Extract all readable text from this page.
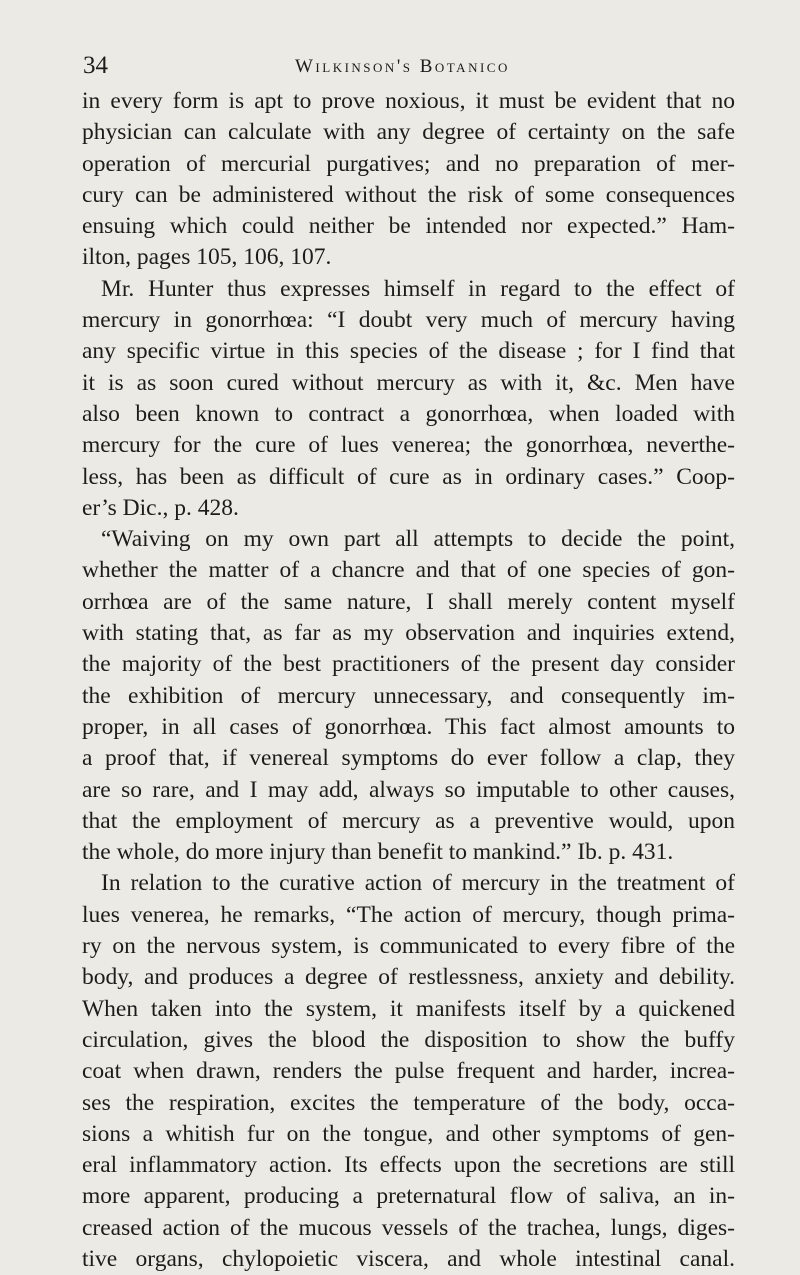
34	Wilkinson's Botanico
in every form is apt to prove noxious, it must be evident that no
physician can calculate with any degree of certainty on the safe
operation of mercurial purgatives; and no preparation of mer-
cury can be administered without the risk of some consequences
ensuing which could neither be intended nor expected.” Ham-
ilton, pages 105, 106, 107.
Mr. Hunter thus expresses himself in regard to the effect of
mercury in gonorrhœa: “I doubt very much of mercury having
any specific virtue in this species of the disease ; for I find that
it is as soon cured without mercury as with it, &c. Men have
also been known to contract a gonorrhœa, when loaded with
mercury for the cure of lues venerea; the gonorrhœa, neverthe-
less, has been as difficult of cure as in ordinary cases.” Coop-
er’s Dic., p. 428.
“Waiving on my own part all attempts to decide the point,
whether the matter of a chancre and that of one species of gon-
orrhœa are of the same nature, I shall merely content myself
with stating that, as far as my observation and inquiries extend,
the majority of the best practitioners of the present day consider
the exhibition of mercury unnecessary, and consequently im-
proper, in all cases of gonorrhœa. This fact almost amounts to
a proof that, if venereal symptoms do ever follow a clap, they
are so rare, and I may add, always so imputable to other causes,
that the employment of mercury as a preventive would, upon
the whole, do more injury than benefit to mankind.” Ib. p. 431.
In relation to the curative action of mercury in the treatment of
lues venerea, he remarks, “The action of mercury, though prima-
ry on the nervous system, is communicated to every fibre of the
body, and produces a degree of restlessness, anxiety and debility.
When taken into the system, it manifests itself by a quickened
circulation, gives the blood the disposition to show the buffy
coat when drawn, renders the pulse frequent and harder, increa-
ses the respiration, excites the temperature of the body, occa-
sions a whitish fur on the tongue, and other symptoms of gen-
eral inflammatory action. Its effects upon the secretions are still
more apparent, producing a preternatural flow of saliva, an in-
creased action of the mucous vessels of the trachea, lungs, diges-
tive organs, chylopoietic viscera, and whole intestinal canal.
